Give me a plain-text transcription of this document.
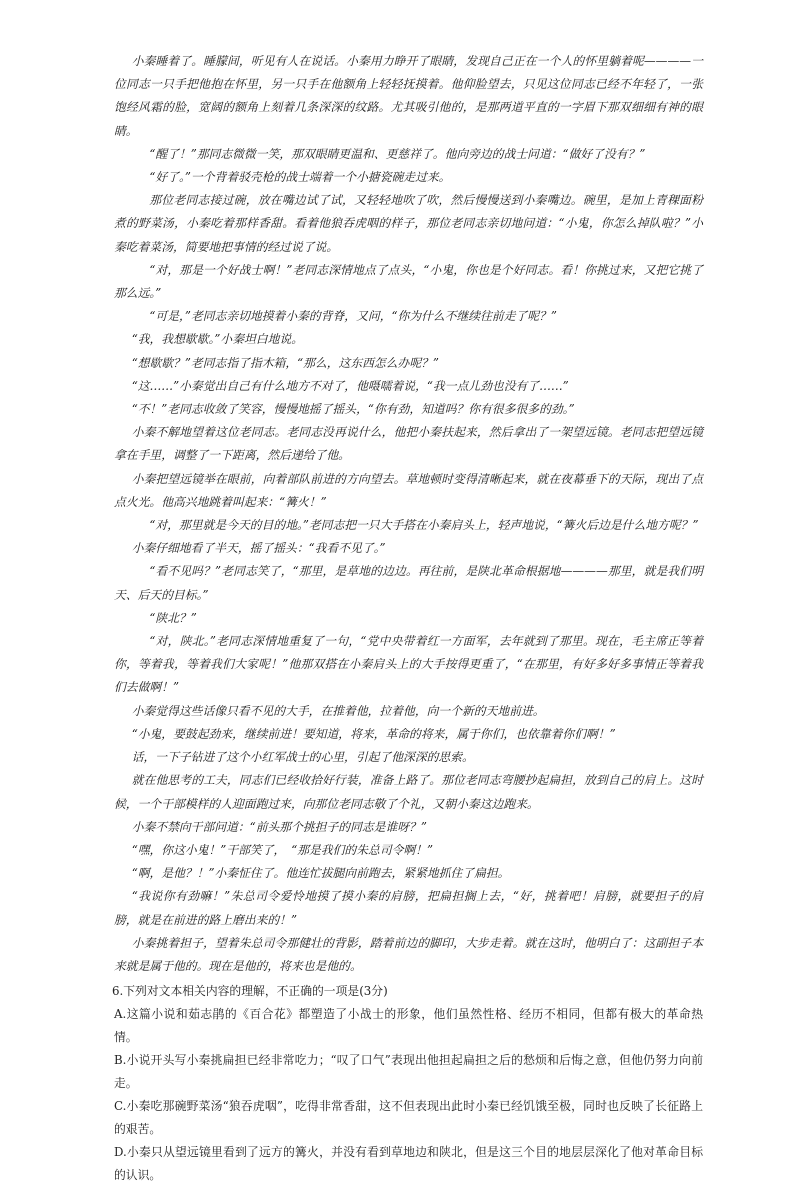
小秦睡着了。睡朦间，听见有人在说话。小秦用力睁开了眼睛，发现自己正在一个人的怀里躺着呢————一位同志一只手把他抱在怀里，另一只手在他额角上轻轻抚摸着。他仰脸望去，只见这位同志已经不年轻了，一张饱经风霜的脸，宽阔的额角上刻着几条深深的纹路。尤其吸引他的，是那两道平直的一字眉下那双细细有神的眼睛。

“醒了！”那同志微微一笑，那双眼睛更温和、更慈祥了。他向旁边的战士问道：“做好了没有？”

“好了。”一个背着驳壳枪的战士端着一个小搪瓷碗走过来。

那位老同志接过碗，放在嘴边试了试，又轻轻地吹了吹，然后慢慢送到小秦嘴边。碗里，是加上青稞面粉煮的野菜汤，小秦吃着那样香甜。看着他狼吞虎咽的样子，那位老同志亲切地问道：“小鬼，你怎么掉队啦？”小秦吃着菜汤，简要地把事情的经过说了说。

“对，那是一个好战士啊！”老同志深情地点了点头，“小鬼，你也是个好同志。看！你挑过来，又把它挑了那么远。”

“可是，”老同志亲切地摸着小秦的背脊，又问，“你为什么不继续往前走了呢？”

“我，我想歇歇。”小秦坦白地说。

“想歇歇？”老同志指了指木箱，“那么，这东西怎么办呢？”

“这……”小秦觉出自己有什么地方不对了，他嗫嚅着说，“我一点儿劲也没有了……”

“不！”老同志收敛了笑容，慢慢地摇了摇头，“你有劲，知道吗？你有很多很多的劲。”

小秦不解地望着这位老同志。老同志没再说什么，他把小秦扶起来，然后拿出了一架望远镜。老同志把望远镜拿在手里，调整了一下距离，然后递给了他。

小秦把望远镜举在眼前，向着部队前进的方向望去。草地顿时变得清晰起来，就在夜幕垂下的天际，现出了点点火光。他高兴地跳着叫起来：“篝火！”

“对，那里就是今天的目的地。”老同志把一只大手搭在小秦肩头上，轻声地说，“篝火后边是什么地方呢？”

小秦仔细地看了半天，摇了摇头：“我看不见了。”

“看不见吗？”老同志笑了，“那里，是草地的边边。再往前，是陕北革命根据地————那里，就是我们明天、后天的目标。”

“陕北？”

“对，陕北。”老同志深情地重复了一句，“党中央带着红一方面军，去年就到了那里。现在，毛主席正等着你，等着我，等着我们大家呢！”他那双搭在小秦肩头上的大手按得更重了，“在那里，有好多好多事情正等着我们去做啊！”

小秦觉得这些话像只看不见的大手，在推着他，拉着他，向一个新的天地前进。

“小鬼，要鼓起劲来，继续前进！要知道，将来，革命的将来，属于你们，也依靠着你们啊！”

话，一下子钻进了这个小红军战士的心里，引起了他深深的思索。

就在他思考的工夫，同志们已经收拾好行装，准备上路了。那位老同志弯腰抄起扁担，放到自己的肩上。这时候，一个干部模样的人迎面跑过来，向那位老同志敬了个礼，又朝小秦这边跑来。

小秦不禁向干部问道：“前头那个挑担子的同志是谁呀？”

“嘿，你这小鬼！”干部笑了，　“那是我们的朱总司令啊！”

“啊，是他？！”小秦怔住了。他连忙拔腿向前跑去，紧紧地抓住了扁担。

“我说你有劲嘛！”朱总司令爱怜地摸了摸小秦的肩膀，把扁担搁上去，“好，挑着吧！肩膀，就要担子的肩膀，就是在前进的路上磨出来的！”

小秦挑着担子，望着朱总司令那健壮的背影，踏着前边的脚印，大步走着。就在这时，他明白了：这副担子本来就是属于他的。现在是他的，将来也是他的。

6.下列对文本相关内容的理解，不正确的一项是(3分)

A.这篇小说和茹志鹃的《百合花》都塑造了小战士的形象，他们虽然性格、经历不相同，但都有极大的革命热情。

B.小说开头写小秦挑扁担已经非常吃力；“叹了口气”表现出他担起扁担之后的愁烦和后悔之意，但他仍努力向前走。

C.小秦吃那碗野菜汤“狼吞虎咽”，吃得非常香甜，这不但表现出此时小秦已经饥饿至极，同时也反映了长征路上的艰苦。

D.小秦只从望远镜里看到了远方的篝火，并没有看到草地边和陕北，但是这三个目的地层层深化了他对革命目标的认识。
